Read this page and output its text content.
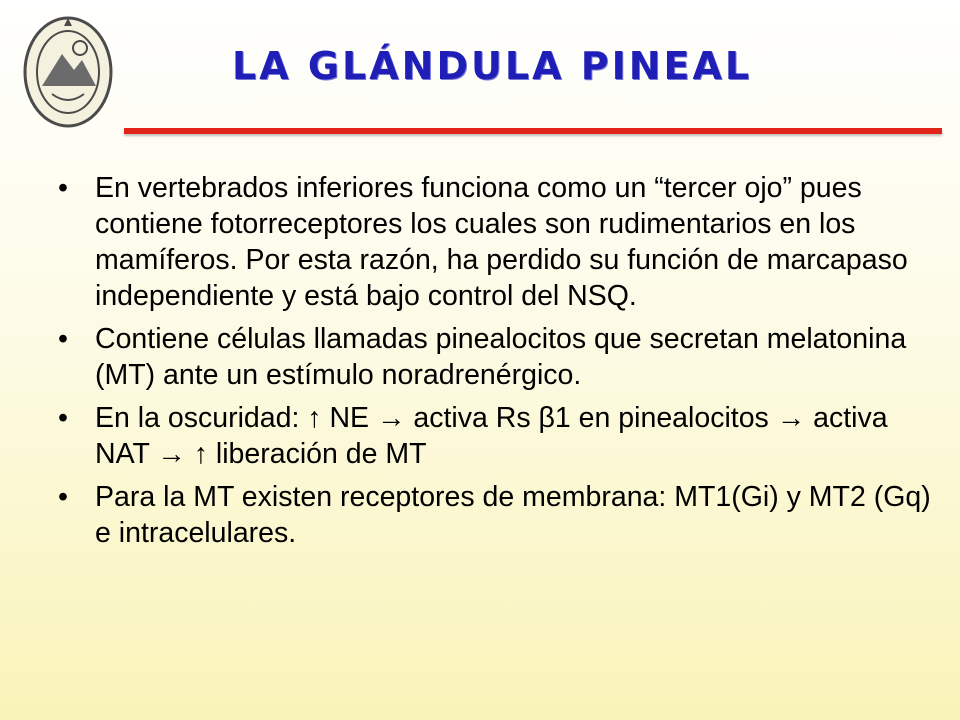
LA GLÁNDULA PINEAL
• En vertebrados inferiores funciona como un “tercer ojo” pues contiene fotorreceptores los cuales son rudimentarios en los mamíferos. Por esta razón, ha perdido su función de marcapaso independiente y está bajo control del NSQ.
• Contiene células llamadas pinealocitos que secretan melatonina (MT) ante un estímulo noradrenérgico.
• En la oscuridad: ↑ NE → activa Rs β1 en pinealocitos → activa NAT → ↑ liberación de MT
• Para la MT existen receptores de membrana: MT1(Gi) y MT2 (Gq) e intracelulares.
